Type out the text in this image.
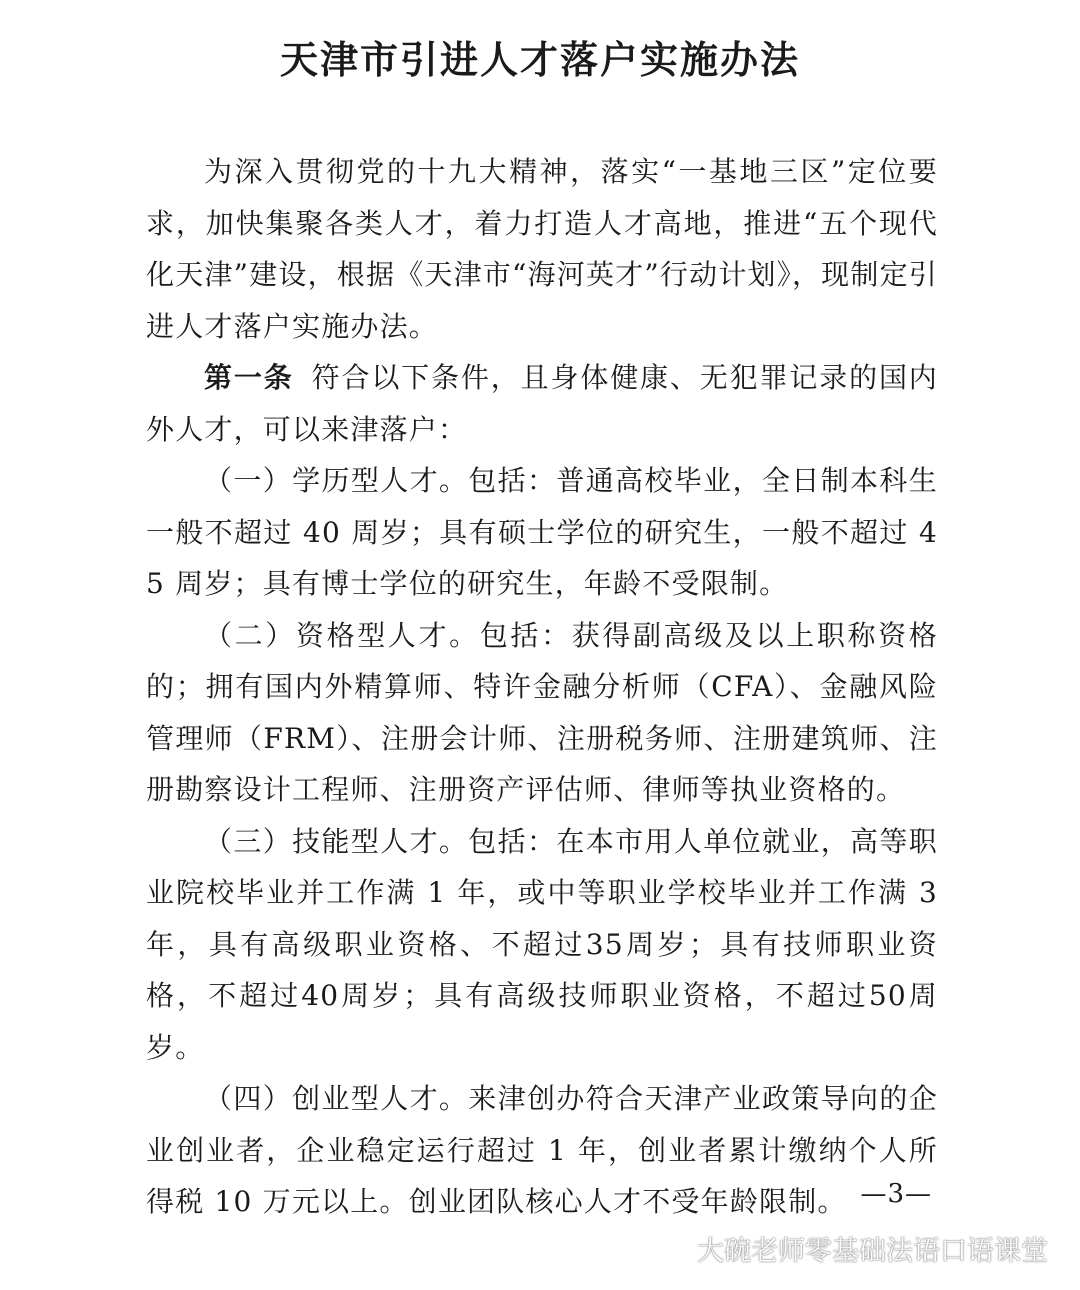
天津市引进人才落户实施办法

为深入贯彻党的十九大精神，落实“一基地三区”定位要求，加快集聚各类人才，着力打造人才高地，推进“五个现代化天津”建设，根据《天津市“海河英才”行动计划》，现制定引进人才落户实施办法。

第一条 符合以下条件，且身体健康、无犯罪记录的国内外人才，可以来津落户：

（一）学历型人才。包括：普通高校毕业，全日制本科生一般不超过 40 周岁；具有硕士学位的研究生，一般不超过 45 周岁；具有博士学位的研究生，年龄不受限制。

（二）资格型人才。包括：获得副高级及以上职称资格的；拥有国内外精算师、特许金融分析师（CFA）、金融风险管理师（FRM）、注册会计师、注册税务师、注册建筑师、注册勘察设计工程师、注册资产评估师、律师等执业资格的。

（三）技能型人才。包括：在本市用人单位就业，高等职业院校毕业并工作满 1 年，或中等职业学校毕业并工作满 3 年，具有高级职业资格、不超过35周岁；具有技师职业资格，不超过40周岁；具有高级技师职业资格，不超过50周岁。

（四）创业型人才。来津创办符合天津产业政策导向的企业创业者，企业稳定运行超过 1 年，创业者累计缴纳个人所得税 10 万元以上。创业团队核心人才不受年龄限制。 —3—
大碗老师零基础法语口语课堂
